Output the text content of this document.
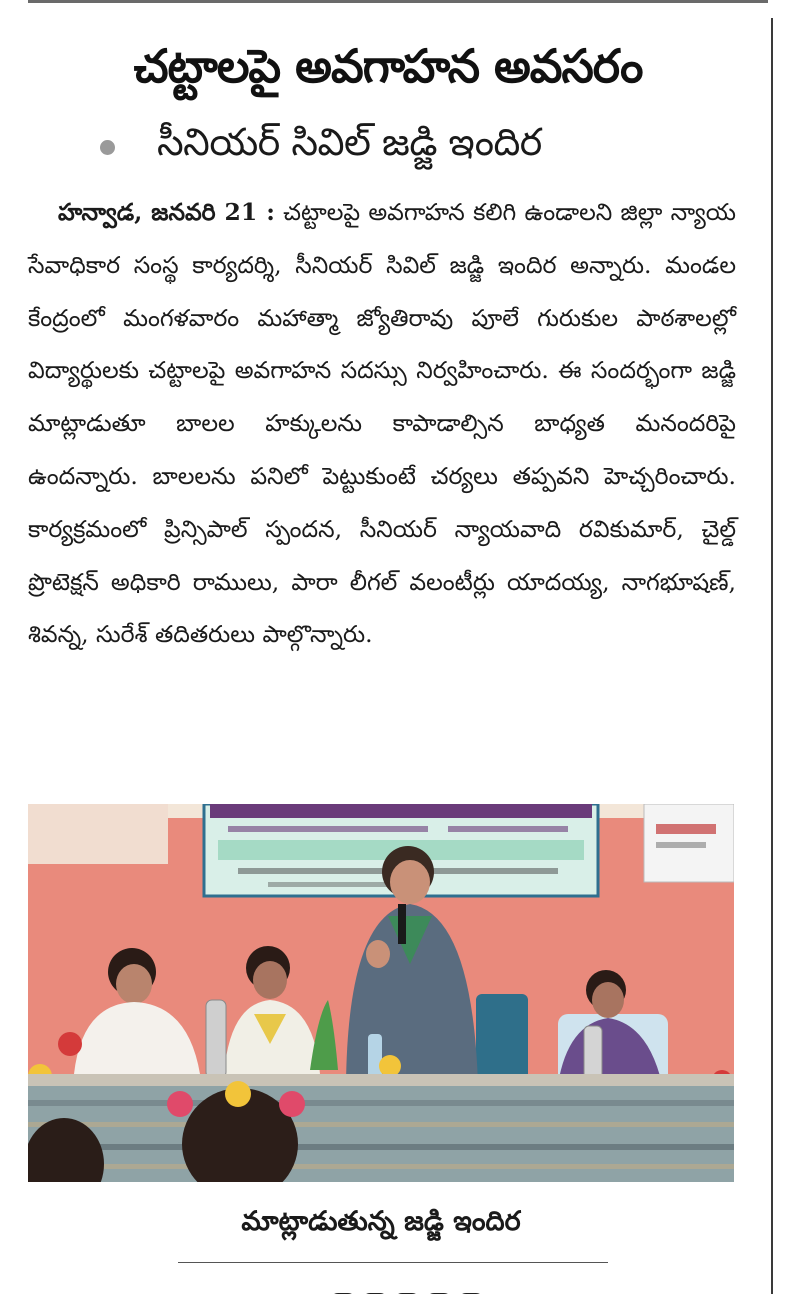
చట్టాలపై అవగాహన అవసరం
సీనియర్ సివిల్ జడ్జి ఇందిర

హన్వాడ, జనవరి 21 : చట్టాలపై అవగాహన కలిగి ఉండాలని జిల్లా న్యాయ సేవాధికార సంస్థ కార్యదర్శి, సీనియర్ సివిల్ జడ్జి ఇందిర అన్నారు. మండల కేంద్రంలో మంగళవారం మహాత్మా జ్యోతిరావు పూలే గురుకుల పాఠశాలల్లో విద్యార్థులకు చట్టాలపై అవగాహన సదస్సు నిర్వహించారు. ఈ సందర్భంగా జడ్జి మాట్లాడుతూ బాలల హక్కులను కాపాడాల్సిన బాధ్యత మనందరిపై ఉందన్నారు. బాలలను పనిలో పెట్టుకుంటే చర్యలు తప్పవని హెచ్చరించారు. కార్యక్రమంలో ప్రిన్సిపాల్ స్పందన, సీనియర్ న్యాయవాది రవికుమార్, చైల్డ్ ప్రొటెక్షన్ అధికారి రాములు, పారా లీగల్ వలంటీర్లు యాదయ్య, నాగభూషణ్, శివన్న, సురేశ్ తదితరులు పాల్గొన్నారు.

మాట్లాడుతున్న జడ్జి ఇందిర
